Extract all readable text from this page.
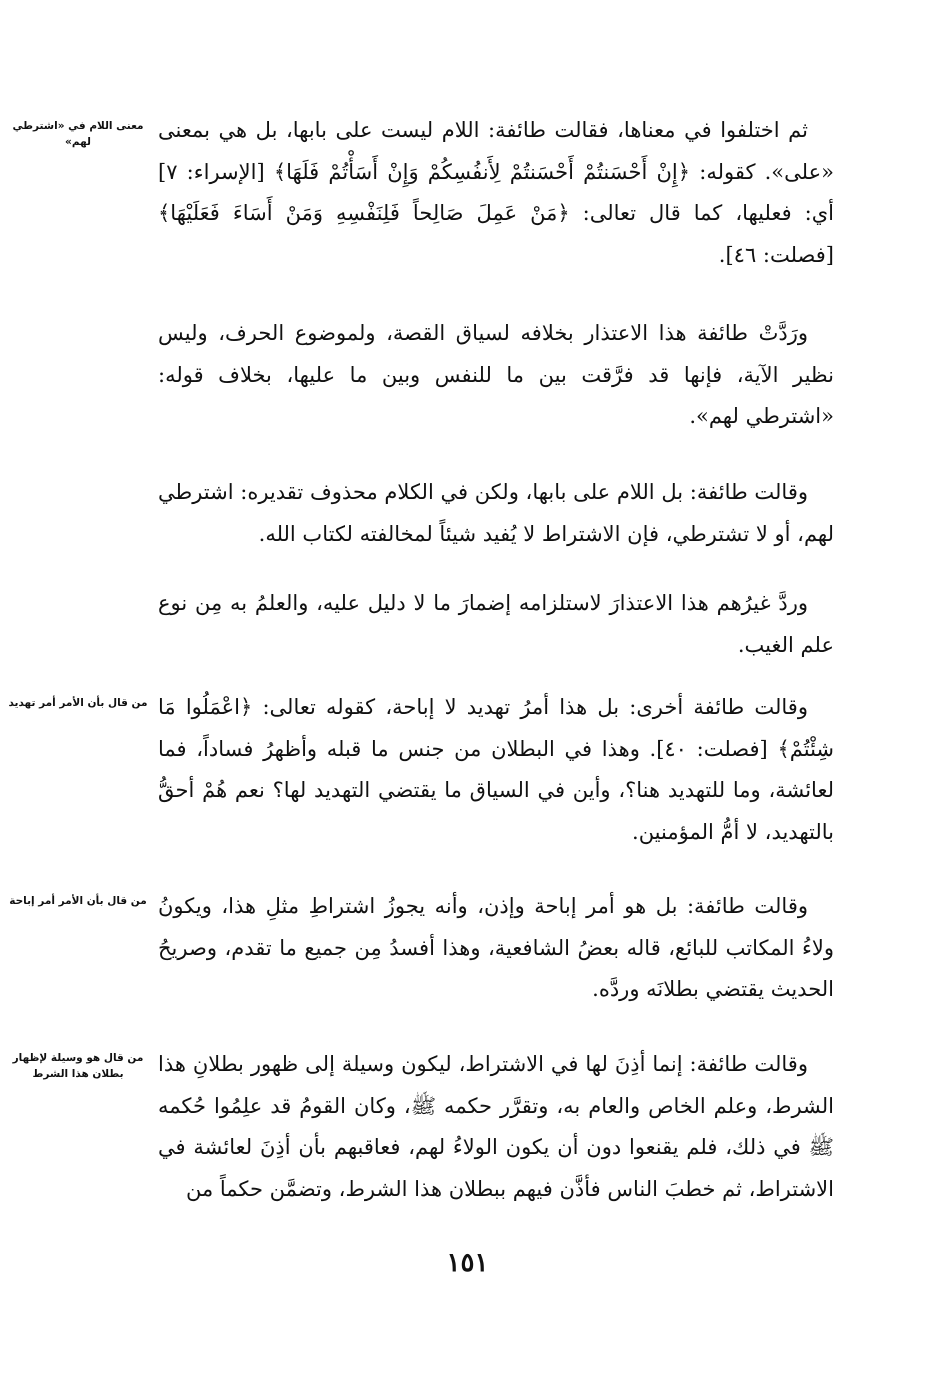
معنى اللام في «اشترطي لهم»
من قال بأن الأمر أمر تهديد
من قال بأن الأمر أمر إباحة
من قال هو وسيلة لإظهار بطلان هذا الشرط

ثم اختلفوا في معناها، فقالت طائفة: اللام ليست على بابها، بل هي بمعنى «على». كقوله: ﴿إِنْ أَحْسَنتُمْ أَحْسَنتُمْ لِأَنفُسِكُمْ وَإِنْ أَسَأْتُمْ فَلَهَا﴾ [الإسراء: ٧] أي: فعليها، كما قال تعالى: ﴿مَنْ عَمِلَ صَالِحاً فَلِنَفْسِهِ وَمَنْ أَسَاءَ فَعَلَيْهَا﴾ [فصلت: ٤٦].

ورَدَّتْ طائفة هذا الاعتذار بخلافه لسياق القصة، ولموضوع الحرف، وليس نظير الآية، فإنها قد فرَّقت بين ما للنفس وبين ما عليها، بخلاف قوله: «اشترطي لهم».

وقالت طائفة: بل اللام على بابها، ولكن في الكلام محذوف تقديره: اشترطي لهم، أو لا تشترطي، فإن الاشتراط لا يُفيد شيئاً لمخالفته لكتاب الله.

وردَّ غيرُهم هذا الاعتذارَ لاستلزامه إضمارَ ما لا دليل عليه، والعلمُ به مِن نوع علم الغيب.

وقالت طائفة أخرى: بل هذا أمرُ تهديد لا إباحة، كقوله تعالى: ﴿اعْمَلُوا مَا شِئْتُمْ﴾ [فصلت: ٤٠]. وهذا في البطلان من جنس ما قبله وأظهرُ فساداً، فما لعائشة، وما للتهديد هنا؟، وأين في السياق ما يقتضي التهديد لها؟ نعم هُمْ أحقُّ بالتهديد، لا أمُّ المؤمنين.

وقالت طائفة: بل هو أمر إباحة وإذن، وأنه يجوزُ اشتراطِ مثلِ هذا، ويكونُ ولاءُ المكاتب للبائع، قاله بعضُ الشافعية، وهذا أفسدُ مِن جميع ما تقدم، وصريحُ الحديث يقتضي بطلانَه وردَّه.

وقالت طائفة: إنما أذِنَ لها في الاشتراط، ليكون وسيلة إلى ظهور بطلانِ هذا الشرط، وعلم الخاص والعام به، وتقرَّر حكمه ﷺ، وكان القومُ قد علِمُوا حُكمه ﷺ في ذلك، فلم يقنعوا دون أن يكون الولاءُ لهم، فعاقبهم بأن أذِنَ لعائشة في الاشتراط، ثم خطبَ الناس فأذَّن فيهم ببطلان هذا الشرط، وتضمَّن حكماً من

١٥١
